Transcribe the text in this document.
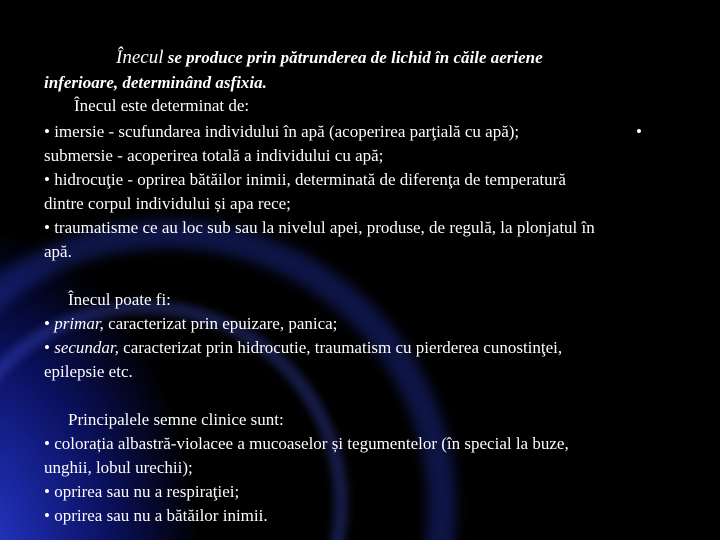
Înecul se produce prin pătrunderea de lichid în căile aeriene
inferioare, determinând asfixia.
Înecul este determinat de:
• imersie - scufundarea individului în apă (acoperirea parţială cu apă);	•
submersie - acoperirea totală a individului cu apă;
• hidrocuţie - oprirea bătăilor inimii, determinată de diferenţa de temperatură
dintre corpul individului și apa rece;
• traumatisme ce au loc sub sau la nivelul apei, produse, de regulă, la plonjatul în
apă.
Înecul poate fi:
• primar, caracterizat prin epuizare, panica;
• secundar, caracterizat prin hidrocutie, traumatism cu pierderea cunostinţei,
epilepsie etc.
Principalele semne clinice sunt:
• colorația albastră-violacee a mucoaselor și tegumentelor (în special la buze,
unghii, lobul urechii);
• oprirea sau nu a respiraţiei;
• oprirea sau nu a bătăilor inimii.
